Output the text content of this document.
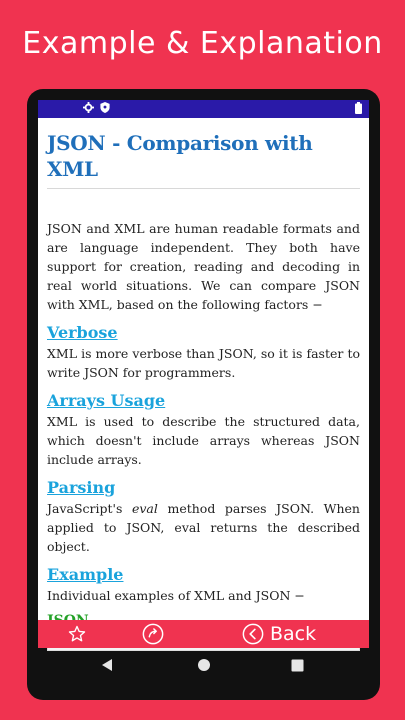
Example & Explanation
JSON - Comparison with XML

JSON and XML are human readable formats and are language independent. They both have support for creation, reading and decoding in real world situations. We can compare JSON with XML, based on the following factors −

Verbose

XML is more verbose than JSON, so it is faster to write JSON for programmers.

Arrays Usage

XML is used to describe the structured data, which doesn't include arrays whereas JSON include arrays.

Parsing

JavaScript's eval method parses JSON. When applied to JSON, eval returns the described object.

Example

Individual examples of XML and JSON −

Back
